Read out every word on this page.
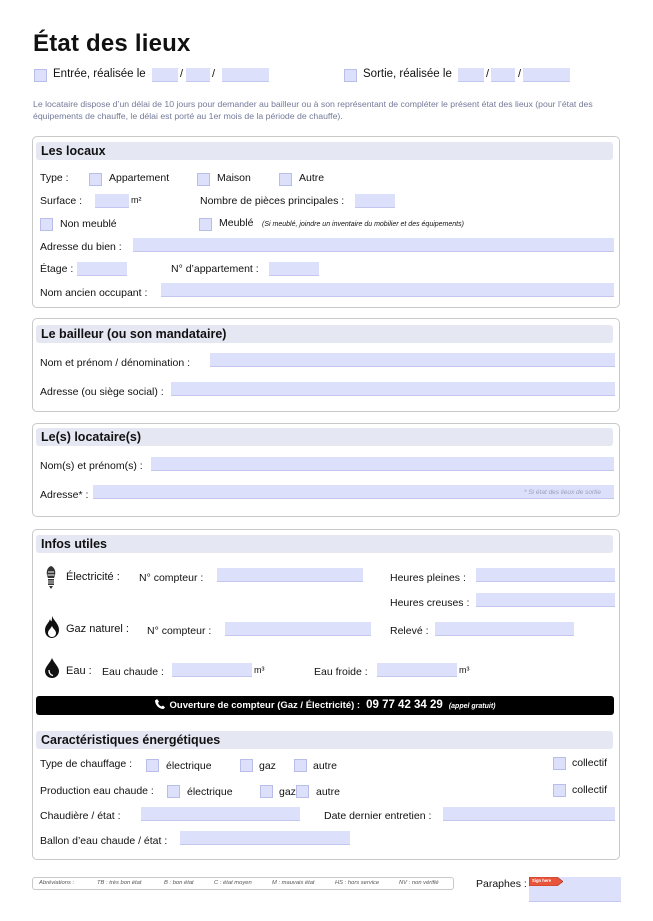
État des lieux
Entrée, réalisée le	/	/	Sortie, réalisée le	/	/
Le locataire dispose d’un délai de 10 jours pour demander au bailleur ou à son représentant de compléter le présent état des lieux (pour l’état des équipements de chauffe, le délai est porté au 1er mois de la période de chauffe).
Les locaux
Type :	Appartement	Maison	Autre
Surface :	m²	Nombre de pièces principales :
Non meublé	Meublé (Si meublé, joindre un inventaire du mobilier et des équipements)
Adresse du bien :
Étage :	N° d’appartement :
Nom ancien occupant :
Le bailleur (ou son mandataire)
Nom et prénom / dénomination :
Adresse (ou siège social) :
Le(s) locataire(s)
Nom(s) et prénom(s) :
Adresse* :	* Si état des lieux de sortie
Infos utiles
Électricité : N° compteur :	Heures pleines :
Heures creuses :
Gaz naturel : N° compteur :	Relevé :
Eau : Eau chaude :	m³	Eau froide :	m³
Ouverture de compteur (Gaz / Électricité) : 09 77 42 34 29 (appel gratuit)
Caractéristiques énergétiques
Type de chauffage :	électrique	gaz	autre	collectif
Production eau chaude :	électrique	gaz autre	collectif
Chaudière / état :	Date dernier entretien :
Ballon d’eau chaude / état :
Abréviations :	TB : très bon état	B : bon état	C : état moyen	M : mauvais état	HS : hors service	NV : non vérifié	Paraphes : Sign here
